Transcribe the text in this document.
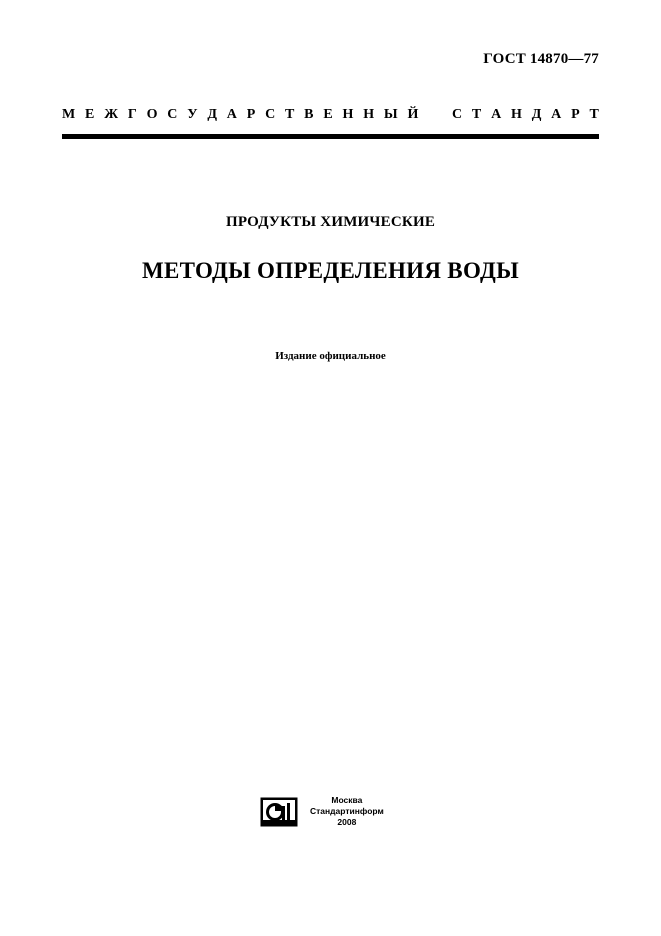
ГОСТ 14870—77
М Е Ж Г О С У Д А Р С Т В Е Н Н Ы Й
С Т А Н Д А Р Т
ПРОДУКТЫ ХИМИЧЕСКИЕ
МЕТОДЫ ОПРЕДЕЛЕНИЯ ВОДЫ
Издание официальное
Москва
Стандартинформ
2008
